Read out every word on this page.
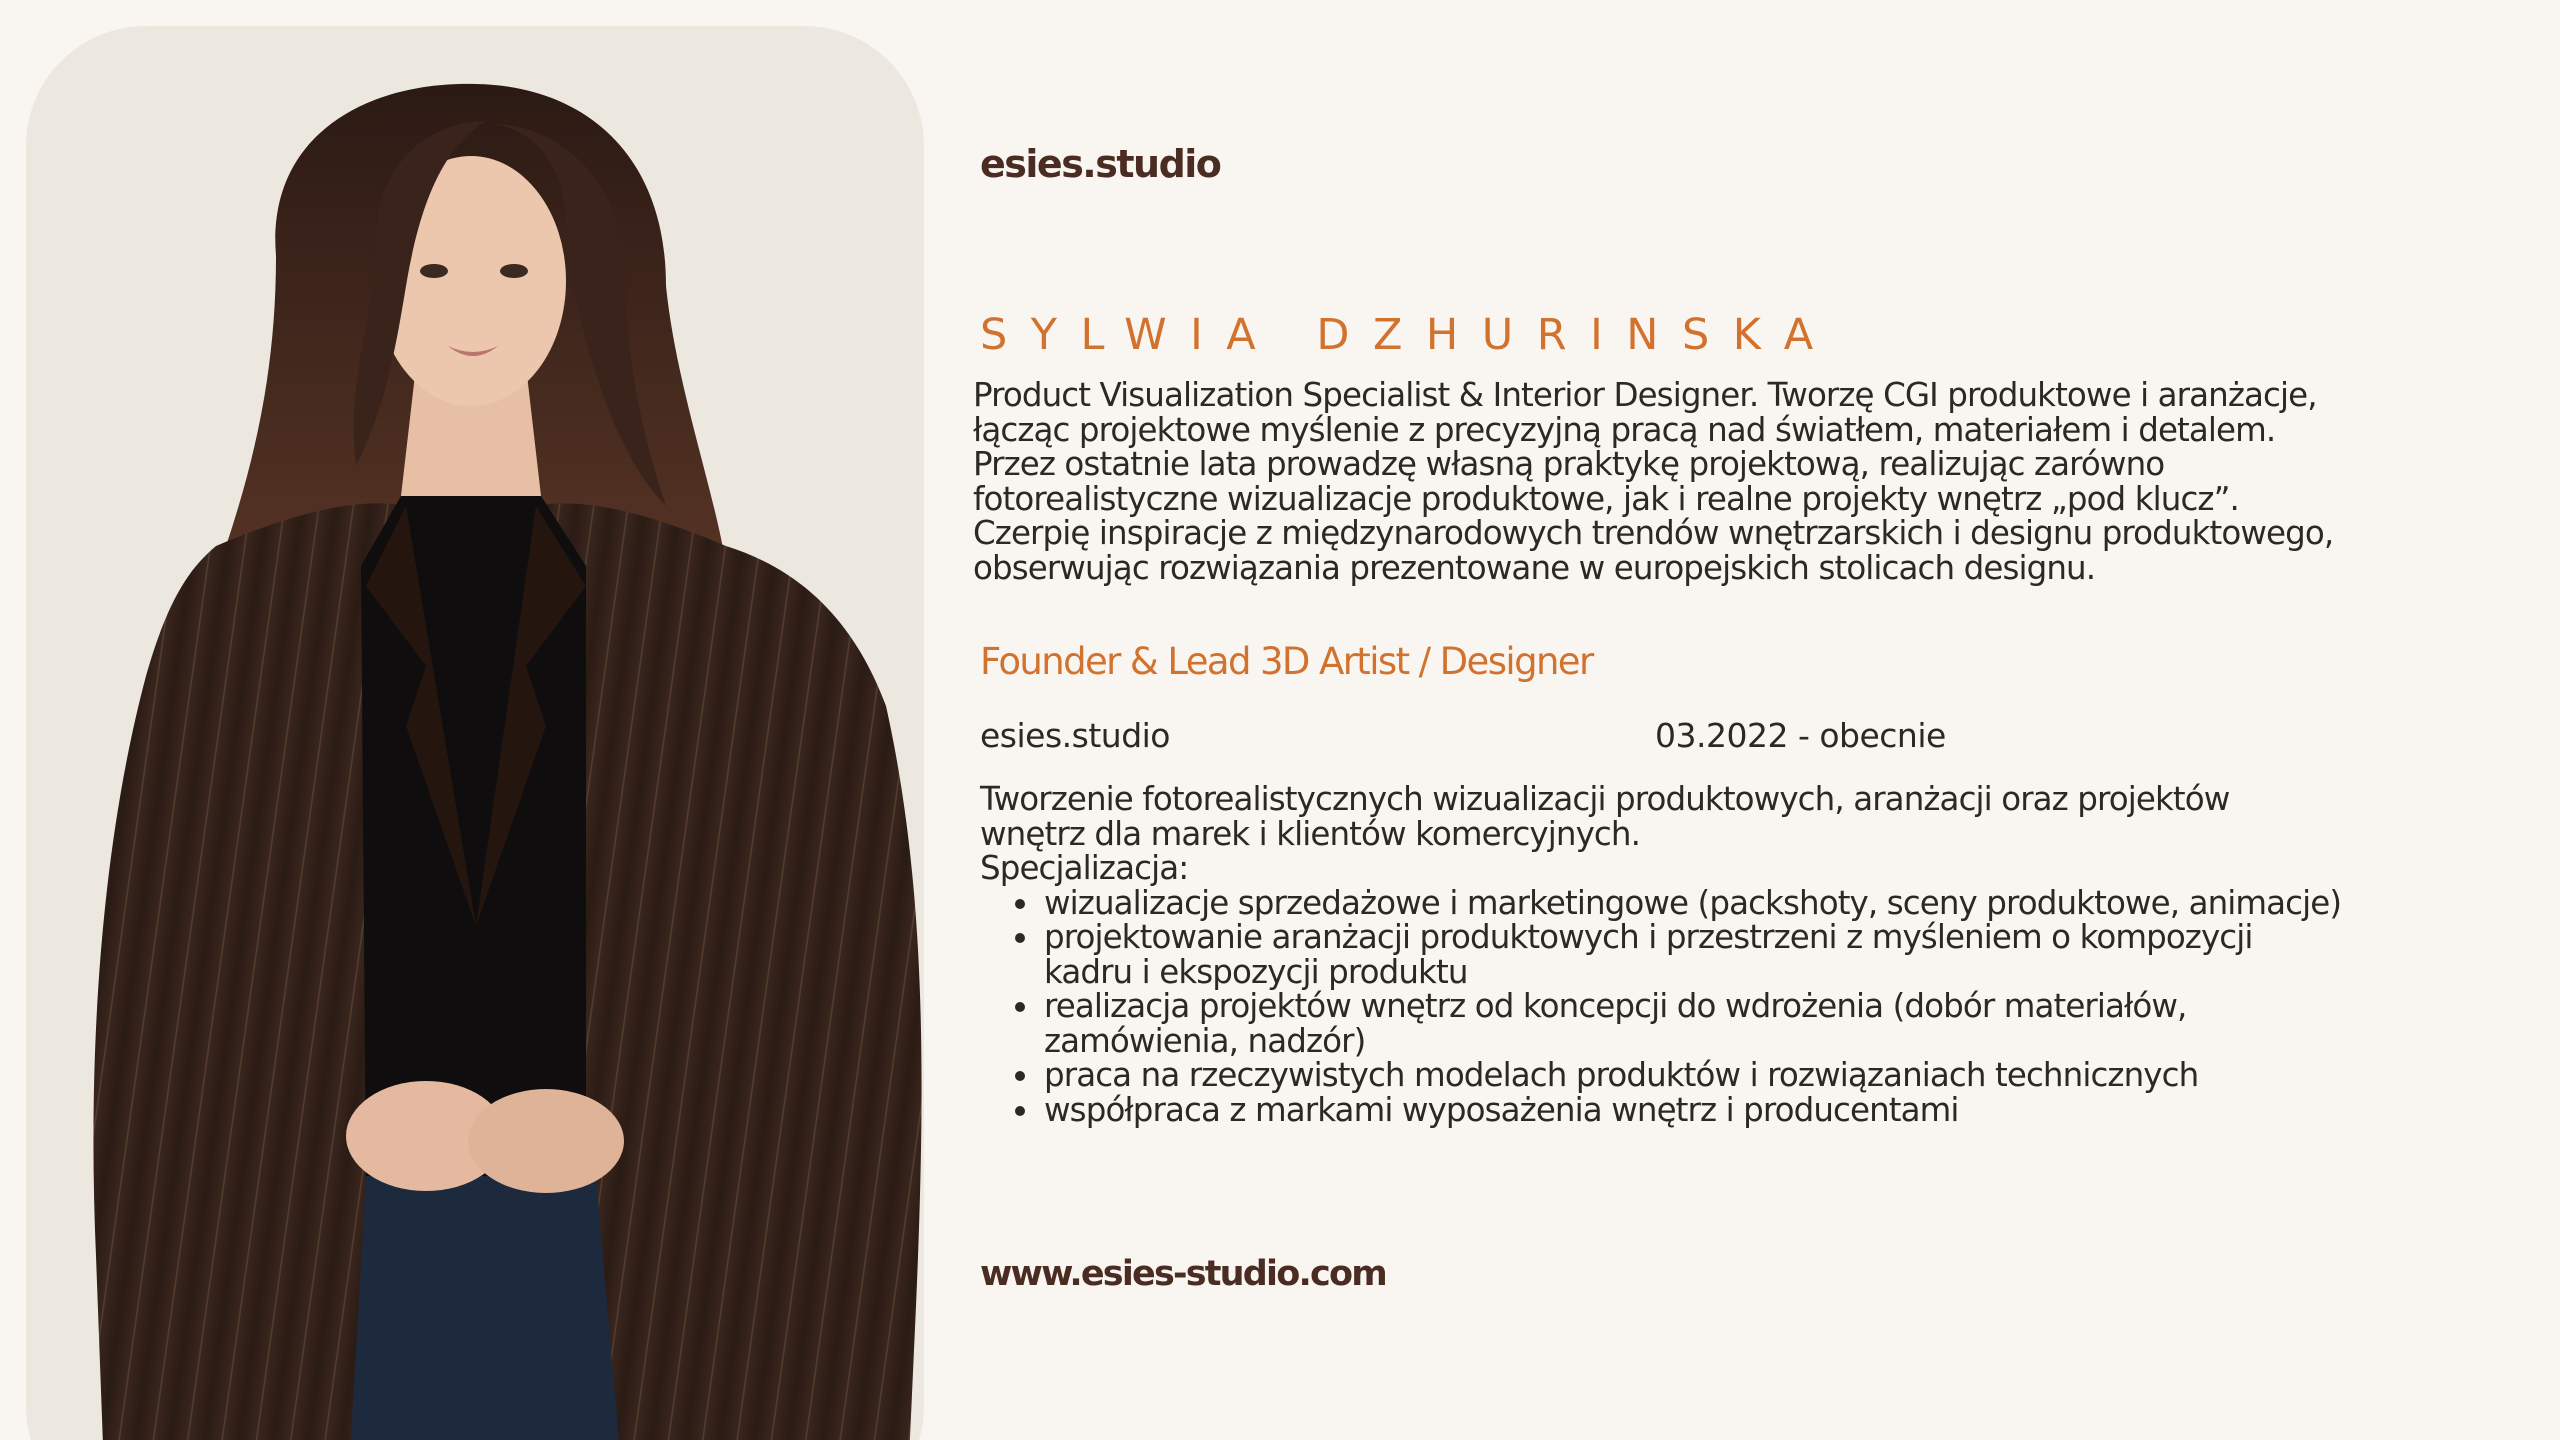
esies.studio
SYLWIA DZHURINSKA
Product Visualization Specialist & Interior Designer. Tworzę CGI produktowe i aranżacje,
łącząc projektowe myślenie z precyzyjną pracą nad światłem, materiałem i detalem.
Przez ostatnie lata prowadzę własną praktykę projektową, realizując zarówno
fotorealistyczne wizualizacje produktowe, jak i realne projekty wnętrz „pod klucz”.
Czerpię inspiracje z międzynarodowych trendów wnętrzarskich i designu produktowego,
obserwując rozwiązania prezentowane w europejskich stolicach designu.
Founder & Lead 3D Artist / Designer
esies.studio	03.2022 - obecnie

Tworzenie fotorealistycznych wizualizacji produktowych, aranżacji oraz projektów

wnętrz dla marek i klientów komercyjnych.

Specjalizacja:

wizualizacje sprzedażowe i marketingowe (packshoty, sceny produktowe, animacje)
projektowanie aranżacji produktowych i przestrzeni z myśleniem o kompozycji
kadru i ekspozycji produktu
realizacja projektów wnętrz od koncepcji do wdrożenia (dobór materiałów,
zamówienia, nadzór)
praca na rzeczywistych modelach produktów i rozwiązaniach technicznych
współpraca z markami wyposażenia wnętrz i producentami
www.esies-studio.com
